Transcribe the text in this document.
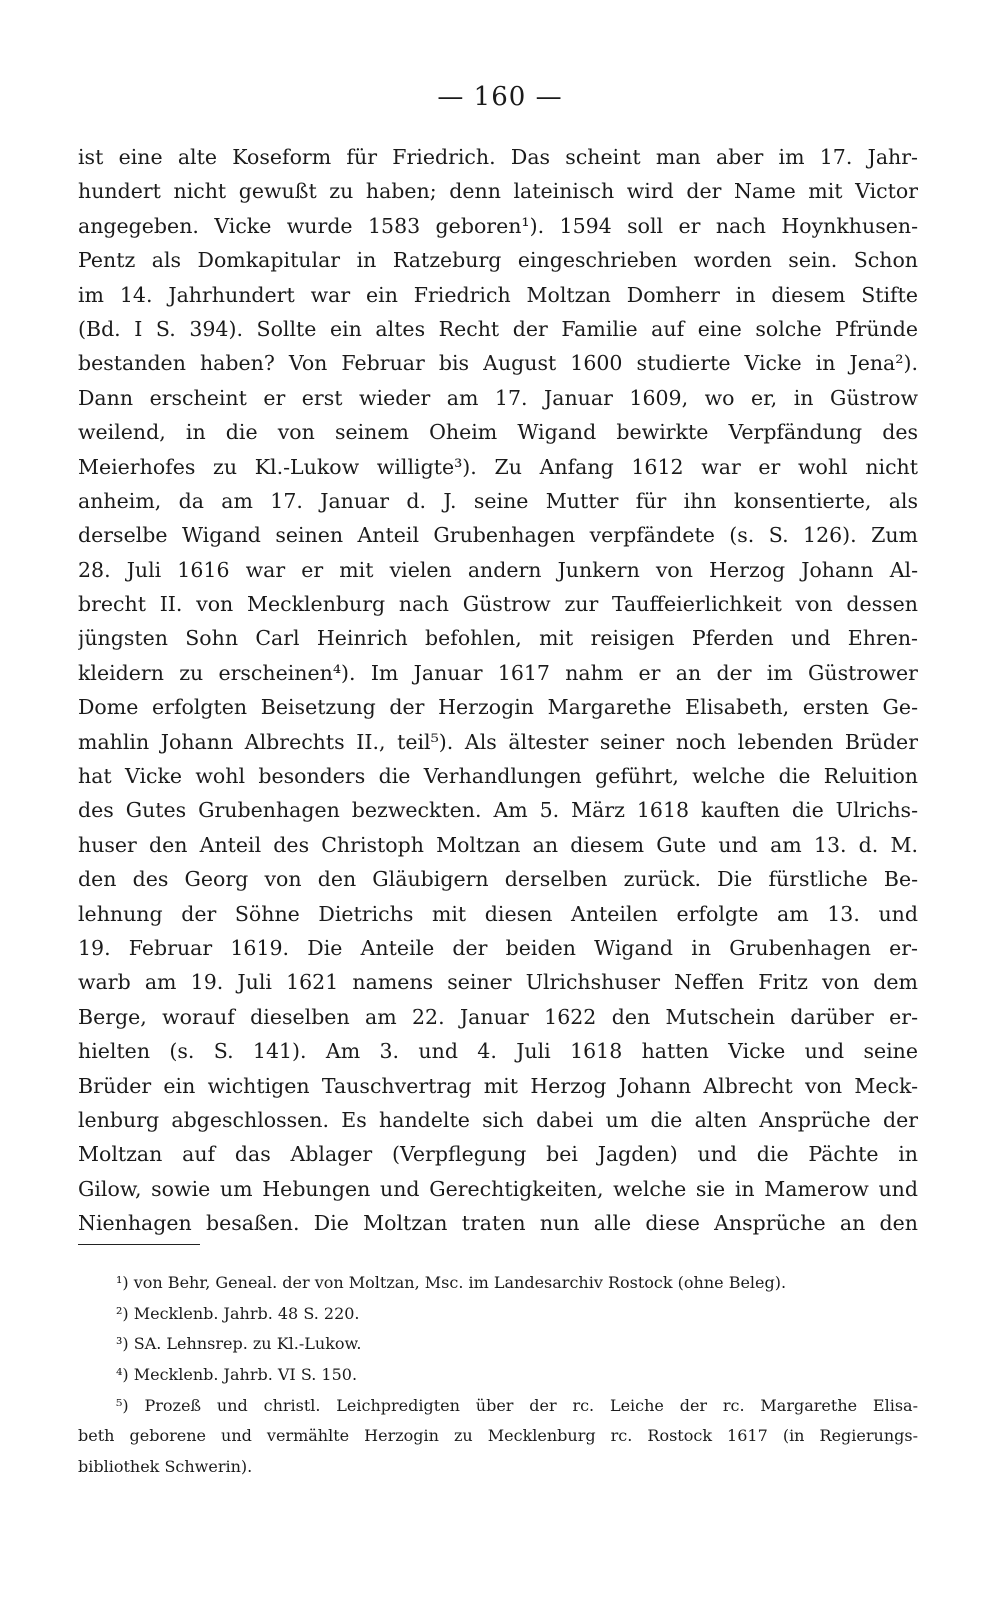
— 160 —
ist eine alte Koseform für Friedrich. Das scheint man aber im 17. Jahr-
hundert nicht gewußt zu haben; denn lateinisch wird der Name mit Victor
angegeben. Vicke wurde 1583 geboren¹). 1594 soll er nach Hoynkhusen-
Pentz als Domkapitular in Ratzeburg eingeschrieben worden sein. Schon
im 14. Jahrhundert war ein Friedrich Moltzan Domherr in diesem Stifte
(Bd. I S. 394). Sollte ein altes Recht der Familie auf eine solche Pfründe
bestanden haben? Von Februar bis August 1600 studierte Vicke in Jena²).
Dann erscheint er erst wieder am 17. Januar 1609, wo er, in Güstrow
weilend, in die von seinem Oheim Wigand bewirkte Verpfändung des
Meierhofes zu Kl.-Lukow willigte³). Zu Anfang 1612 war er wohl nicht
anheim, da am 17. Januar d. J. seine Mutter für ihn konsentierte, als
derselbe Wigand seinen Anteil Grubenhagen verpfändete (s. S. 126). Zum
28. Juli 1616 war er mit vielen andern Junkern von Herzog Johann Al-
brecht II. von Mecklenburg nach Güstrow zur Tauffeierlichkeit von dessen
jüngsten Sohn Carl Heinrich befohlen, mit reisigen Pferden und Ehren-
kleidern zu erscheinen⁴). Im Januar 1617 nahm er an der im Güstrower
Dome erfolgten Beisetzung der Herzogin Margarethe Elisabeth, ersten Ge-
mahlin Johann Albrechts II., teil⁵). Als ältester seiner noch lebenden Brüder
hat Vicke wohl besonders die Verhandlungen geführt, welche die Reluition
des Gutes Grubenhagen bezweckten. Am 5. März 1618 kauften die Ulrichs-
huser den Anteil des Christoph Moltzan an diesem Gute und am 13. d. M.
den des Georg von den Gläubigern derselben zurück. Die fürstliche Be-
lehnung der Söhne Dietrichs mit diesen Anteilen erfolgte am 13. und
19. Februar 1619. Die Anteile der beiden Wigand in Grubenhagen er-
warb am 19. Juli 1621 namens seiner Ulrichshuser Neffen Fritz von dem
Berge, worauf dieselben am 22. Januar 1622 den Mutschein darüber er-
hielten (s. S. 141). Am 3. und 4. Juli 1618 hatten Vicke und seine
Brüder ein wichtigen Tauschvertrag mit Herzog Johann Albrecht von Meck-
lenburg abgeschlossen. Es handelte sich dabei um die alten Ansprüche der
Moltzan auf das Ablager (Verpflegung bei Jagden) und die Pächte in
Gilow, sowie um Hebungen und Gerechtigkeiten, welche sie in Mamerow und
Nienhagen besaßen. Die Moltzan traten nun alle diese Ansprüche an den
¹) von Behr, Geneal. der von Moltzan, Msc. im Landesarchiv Rostock (ohne Beleg).
²) Mecklenb. Jahrb. 48 S. 220.
³) SA. Lehnsrep. zu Kl.-Lukow.
⁴) Mecklenb. Jahrb. VI S. 150.
⁵) Prozeß und christl. Leichpredigten über der rc. Leiche der rc. Margarethe Elisa-
beth geborene und vermählte Herzogin zu Mecklenburg rc. Rostock 1617 (in Regierungs-
bibliothek Schwerin).
